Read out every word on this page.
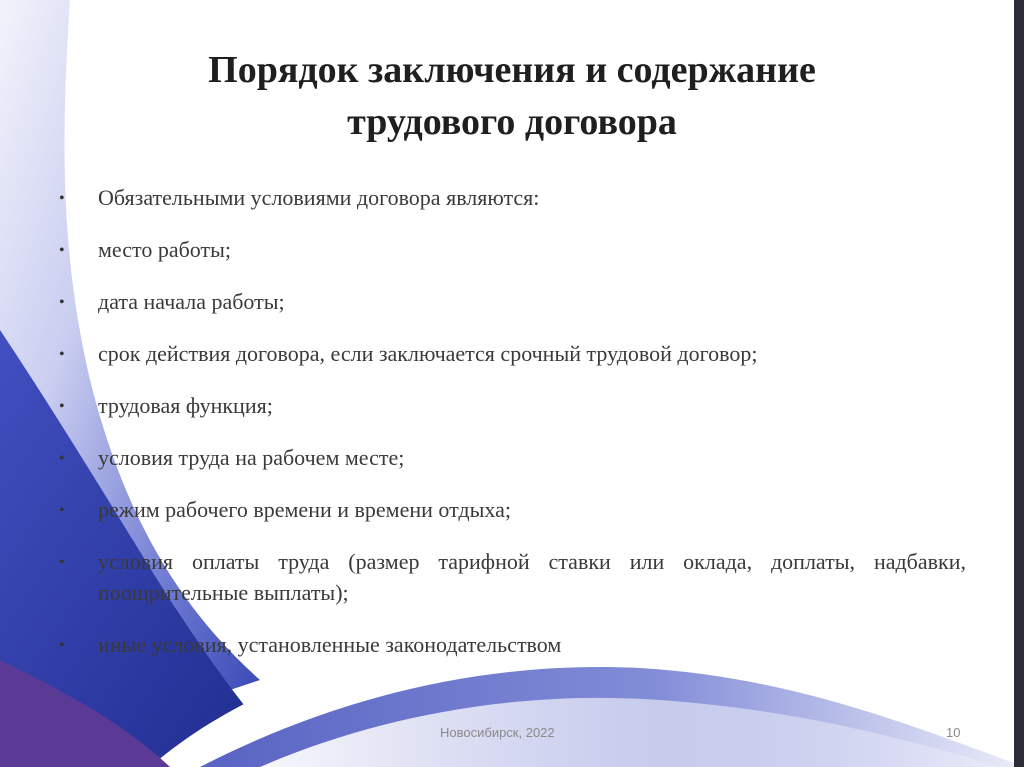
Порядок заключения и содержание
трудового договора
• Обязательными условиями договора являются:
• место работы;
• дата начала работы;
• срок действия договора, если заключается срочный трудовой договор;
• трудовая функция;
• условия труда на рабочем месте;
• режим рабочего времени и времени отдыха;
• условия оплаты труда (размер тарифной ставки или оклада, доплаты, надбавки, поощрительные выплаты);
• иные условия, установленные законодательством
Новосибирск, 2022	10
